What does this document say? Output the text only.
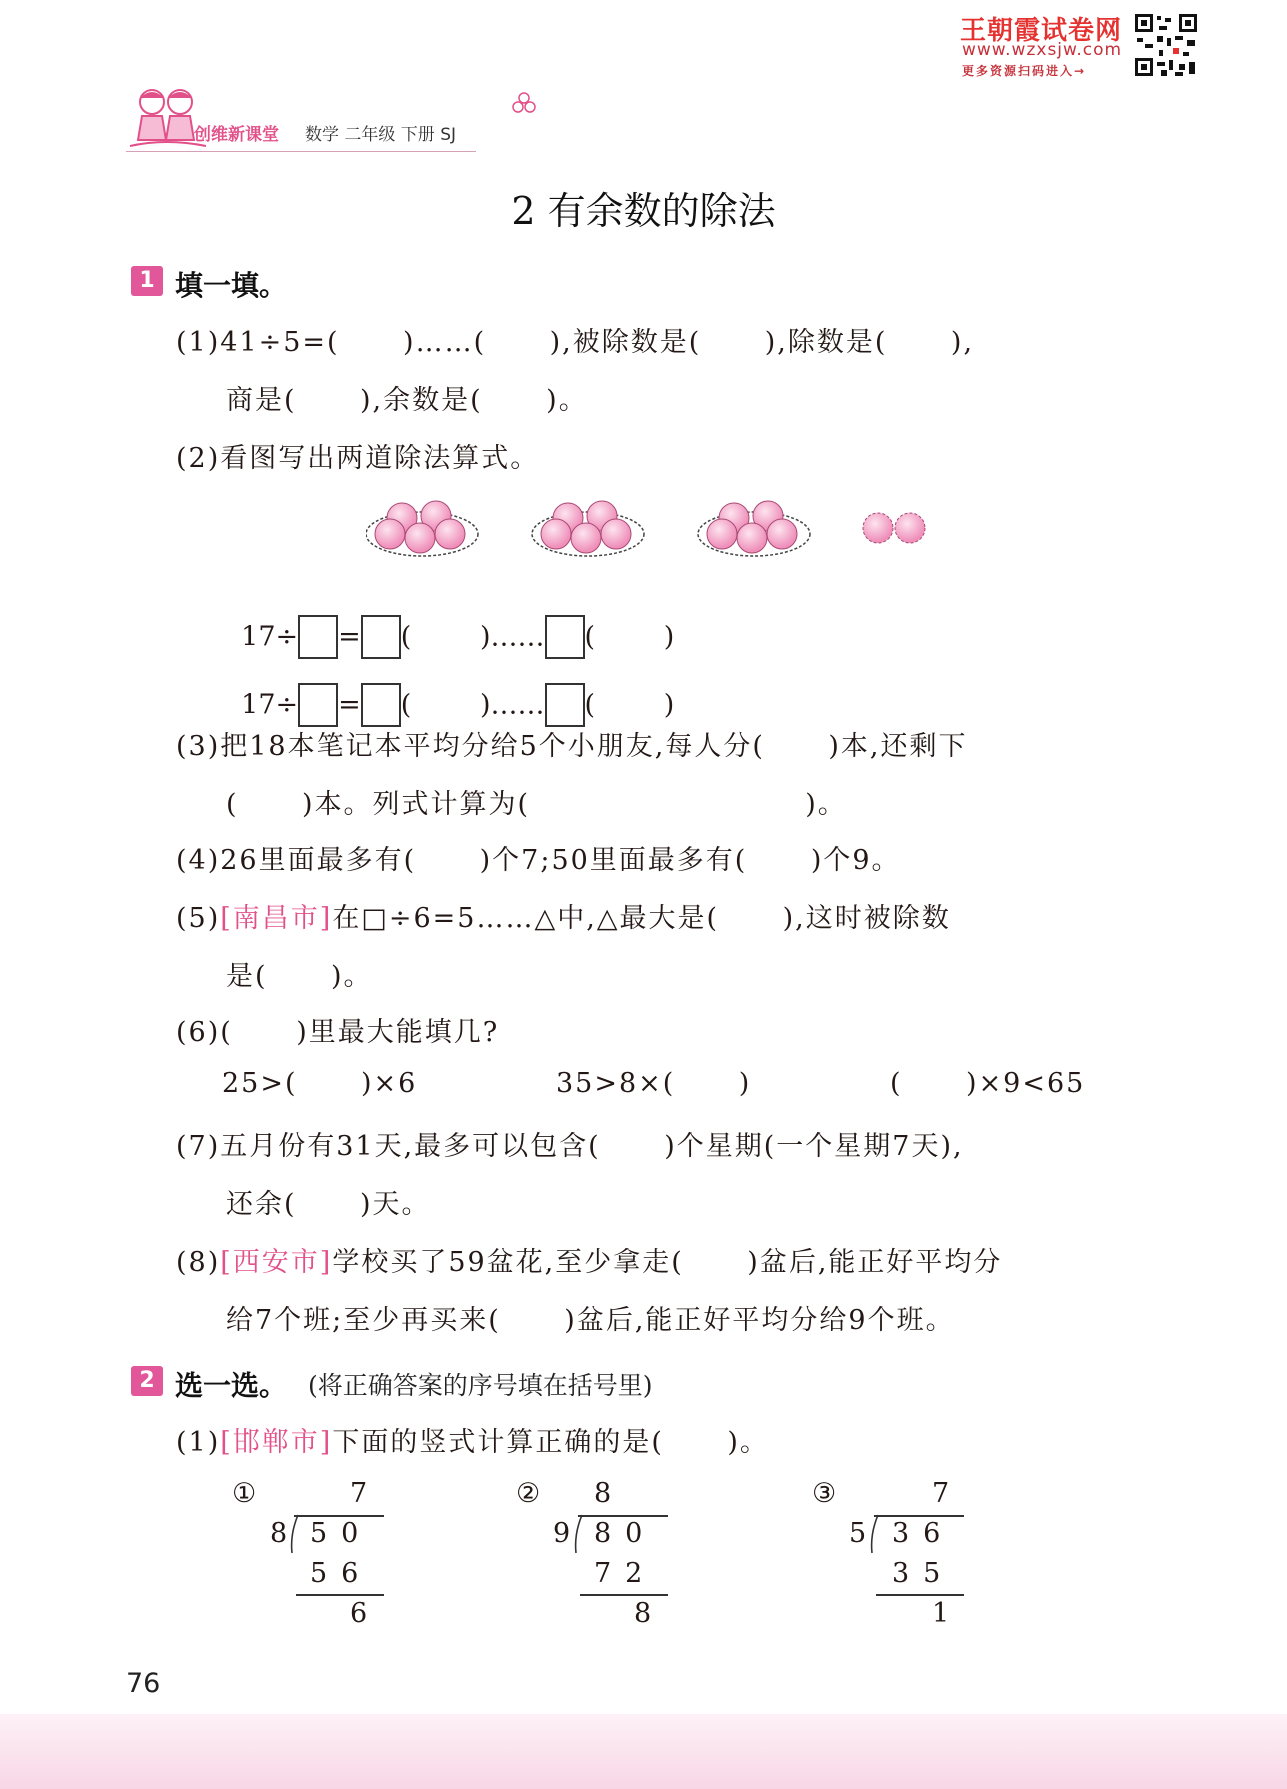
王朝霞试卷网
www.wzxsjw.com
更多资源扫码进入→
创维新课堂 数学 二年级 下册 SJ
2 有余数的除法
1 填一填。
(1)41÷5=(      )……(      ),被除数是(      ),除数是(      ),
商是(      ),余数是(      )。
(2)看图写出两道除法算式。

17÷ = (        )…… (        )

17÷ = (        )…… (        )

(3)把18本笔记本平均分给5个小朋友,每人分(      )本,还剩下
(      )本。列式计算为(                          )。
(4)26里面最多有(      )个7;50里面最多有(      )个9。
(5)[南昌市]在□÷6=5……△中,△最大是(      ),这时被除数
是(      )。
(6)(      )里最大能填几?
25>(      )×6	35>8×(      )	(      )×9<65
(7)五月份有31天,最多可以包含(      )个星期(一个星期7天),
还余(      )天。
(8)[西安市]学校买了59盆花,至少拿走(      )盆后,能正好平均分
给7个班;至少再买来(      )盆后,能正好平均分给9个班。
2 选一选。 (将正确答案的序号填在括号里)
(1)[邯郸市]下面的竖式计算正确的是(      )。
①	7
8 50
56
6
② 8
9 80
72
8
③	7
5 36
35
1
76
